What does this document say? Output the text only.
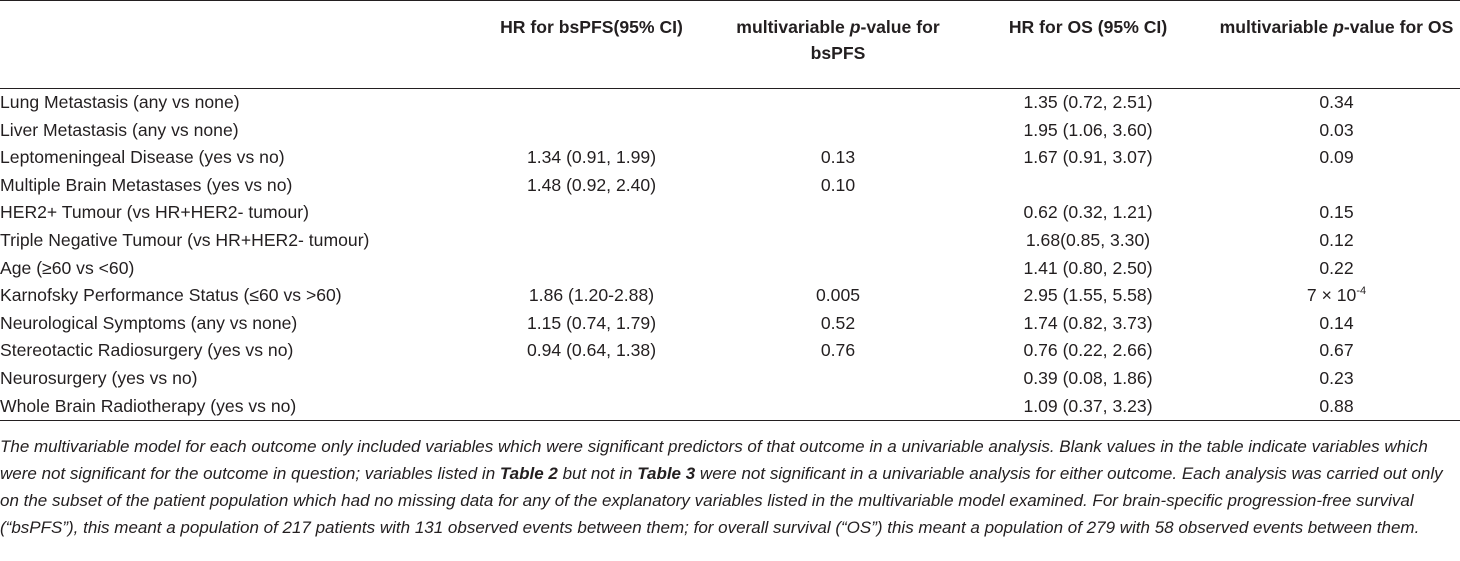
	HR for bsPFS(95% CI)	multivariable p-value for bsPFS	HR for OS (95% CI)	multivariable p-value for OS
Lung Metastasis (any vs none)			1.35 (0.72, 2.51)	0.34
Liver Metastasis (any vs none)			1.95 (1.06, 3.60)	0.03
Leptomeningeal Disease (yes vs no)	1.34 (0.91, 1.99)	0.13	1.67 (0.91, 3.07)	0.09
Multiple Brain Metastases (yes vs no)	1.48 (0.92, 2.40)	0.10		
HER2+ Tumour (vs HR+HER2- tumour)			0.62 (0.32, 1.21)	0.15
Triple Negative Tumour (vs HR+HER2- tumour)			1.68(0.85, 3.30)	0.12
Age (≥60 vs <60)			1.41 (0.80, 2.50)	0.22
Karnofsky Performance Status (≤60 vs >60)	1.86 (1.20-2.88)	0.005	2.95 (1.55, 5.58)	$7 \times 10^{-4}$
Neurological Symptoms (any vs none)	1.15 (0.74, 1.79)	0.52	1.74 (0.82, 3.73)	0.14
Stereotactic Radiosurgery (yes vs no)	0.94 (0.64, 1.38)	0.76	0.76 (0.22, 2.66)	0.67
Neurosurgery (yes vs no)			0.39 (0.08, 1.86)	0.23
Whole Brain Radiotherapy (yes vs no)			1.09 (0.37, 3.23)	0.88

The multivariable model for each outcome only included variables which were significant predictors of that outcome in a univariable analysis. Blank values in the table indicate variables which were not significant for the outcome in question; variables listed in Table 2 but not in Table 3 were not significant in a univariable analysis for either outcome. Each analysis was carried out only on the subset of the patient population which had no missing data for any of the explanatory variables listed in the multivariable model examined. For brain-specific progression-free survival (“bsPFS”), this meant a population of 217 patients with 131 observed events between them; for overall survival (“OS”) this meant a population of 279 with 58 observed events between them.
